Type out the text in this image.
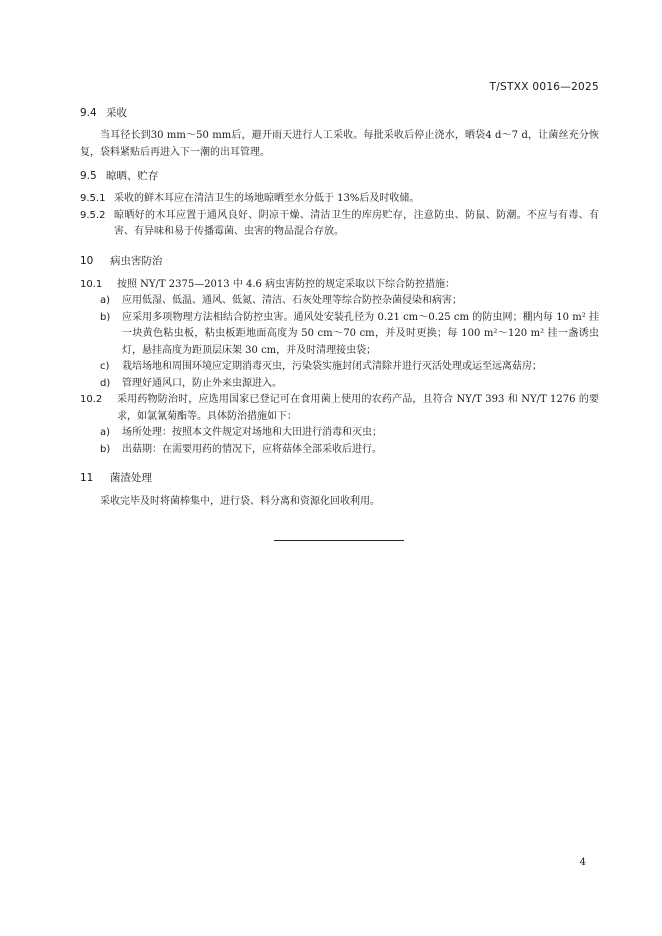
T/STXX 0016—2025
9.4 采收
当耳径长到30 mm～50 mm后，避开雨天进行人工采收。每批采收后停止浇水，晒袋4 d～7 d，让菌丝充分恢复，袋料紧贴后再进入下一潮的出耳管理。
9.5 晾晒、贮存
9.5.1 采收的鲜木耳应在清洁卫生的场地晾晒至水分低于 13%后及时收储。
9.5.2 晾晒好的木耳应置于通风良好、阴凉干燥、清洁卫生的库房贮存，注意防虫、防鼠、防潮。不应与有毒、有害、有异味和易于传播霉菌、虫害的物品混合存放。
10 病虫害防治
10.1	按照 NY/T 2375—2013 中 4.6 病虫害防控的规定采取以下综合防控措施：
a)	应用低湿、低温、通风、低氮、清洁、石灰处理等综合防控杂菌侵染和病害；
b)	应采用多项物理方法相结合防控虫害。通风处安装孔径为 0.21 cm～0.25 cm 的防虫网；棚内每 10 m² 挂一块黄色粘虫板，粘虫板距地面高度为 50 cm～70 cm，并及时更换；每 100 m²～120 m² 挂一盏诱虫灯，悬挂高度为距顶层床架 30 cm，并及时清理接虫袋；
c)	栽培场地和周围环境应定期消毒灭虫，污染袋实施封闭式清除并进行灭活处理或运至远离菇房；
d)	管理好通风口，防止外来虫源进入。
10.2	采用药物防治时，应选用国家已登记可在食用菌上使用的农药产品，且符合 NY/T 393 和 NY/T 1276 的要求，如氯氰菊酯等。具体防治措施如下：
a)	场所处理：按照本文件规定对场地和大田进行消毒和灭虫；
b)	出菇期：在需要用药的情况下，应将菇体全部采收后进行。
11 菌渣处理
采收完毕及时将菌棒集中，进行袋、料分离和资源化回收利用。
4
